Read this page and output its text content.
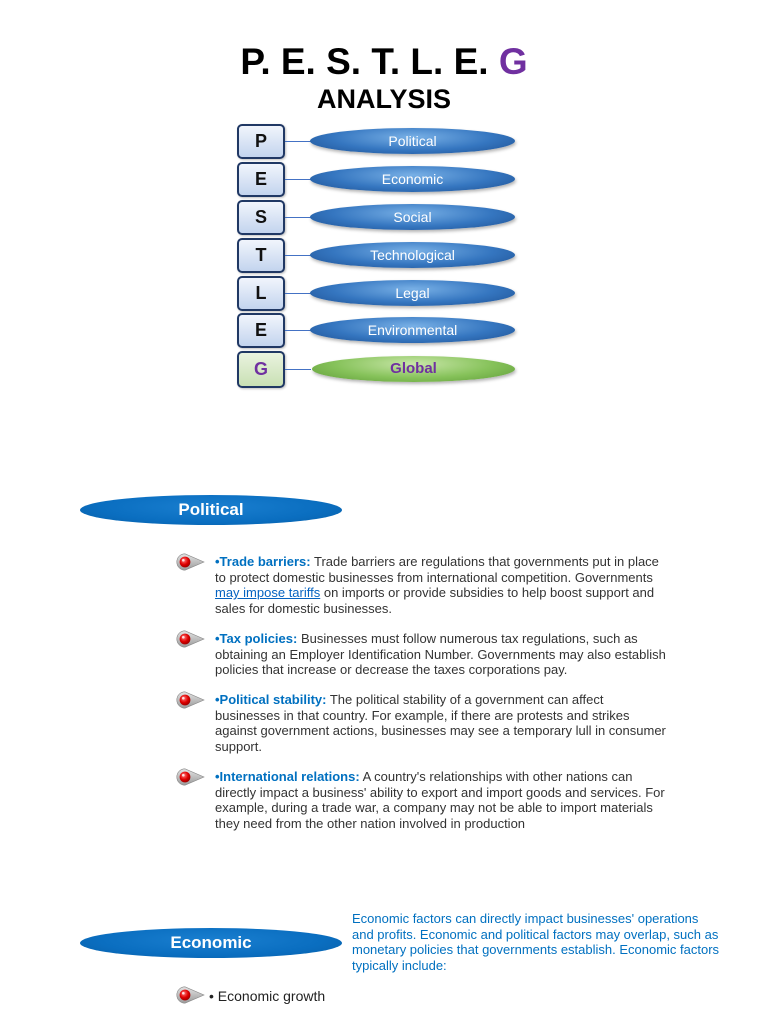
P. E. S. T. L. E. G
ANALYSIS
P	Political
E	Economic
S	Social
T	Technological
L	Legal
E	Environmental
G	Global
Political
•Trade barriers: Trade barriers are regulations that governments put in place to protect domestic businesses from international competition. Governments may impose tariffs on imports or provide subsidies to help boost support and sales for domestic businesses.
•Tax policies: Businesses must follow numerous tax regulations, such as obtaining an Employer Identification Number. Governments may also establish policies that increase or decrease the taxes corporations pay.
•Political stability: The political stability of a government can affect businesses in that country. For example, if there are protests and strikes against government actions, businesses may see a temporary lull in consumer support.
•International relations: A country's relationships with other nations can directly impact a business' ability to export and import goods and services. For example, during a trade war, a company may not be able to import materials they need from the other nation involved in production
Economic factors can directly impact businesses' operations and profits. Economic and political factors may overlap, such as monetary policies that governments establish. Economic factors typically include:
Economic
• Economic growth
